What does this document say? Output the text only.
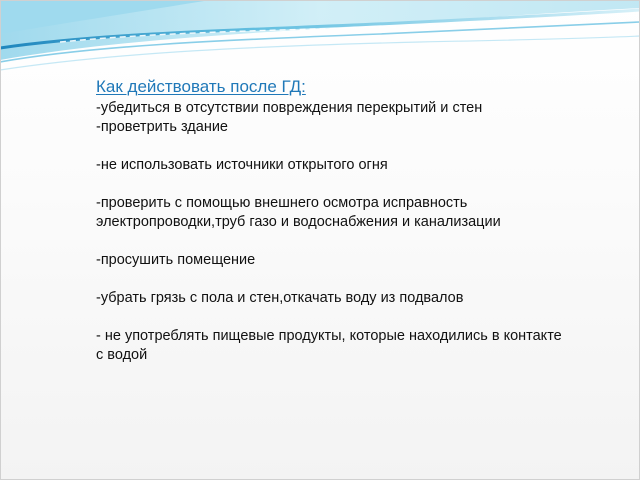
Как действовать после ГД:

-убедиться в отсутствии повреждения перекрытий и стен

-проветрить здание

-не использовать источники открытого огня

-проверить с помощью внешнего осмотра исправность электропроводки,труб газо и водоснабжения и канализации

-просушить помещение

-убрать грязь с пола и стен,откачать воду из подвалов

- не употреблять пищевые продукты, которые находились в контакте с водой
